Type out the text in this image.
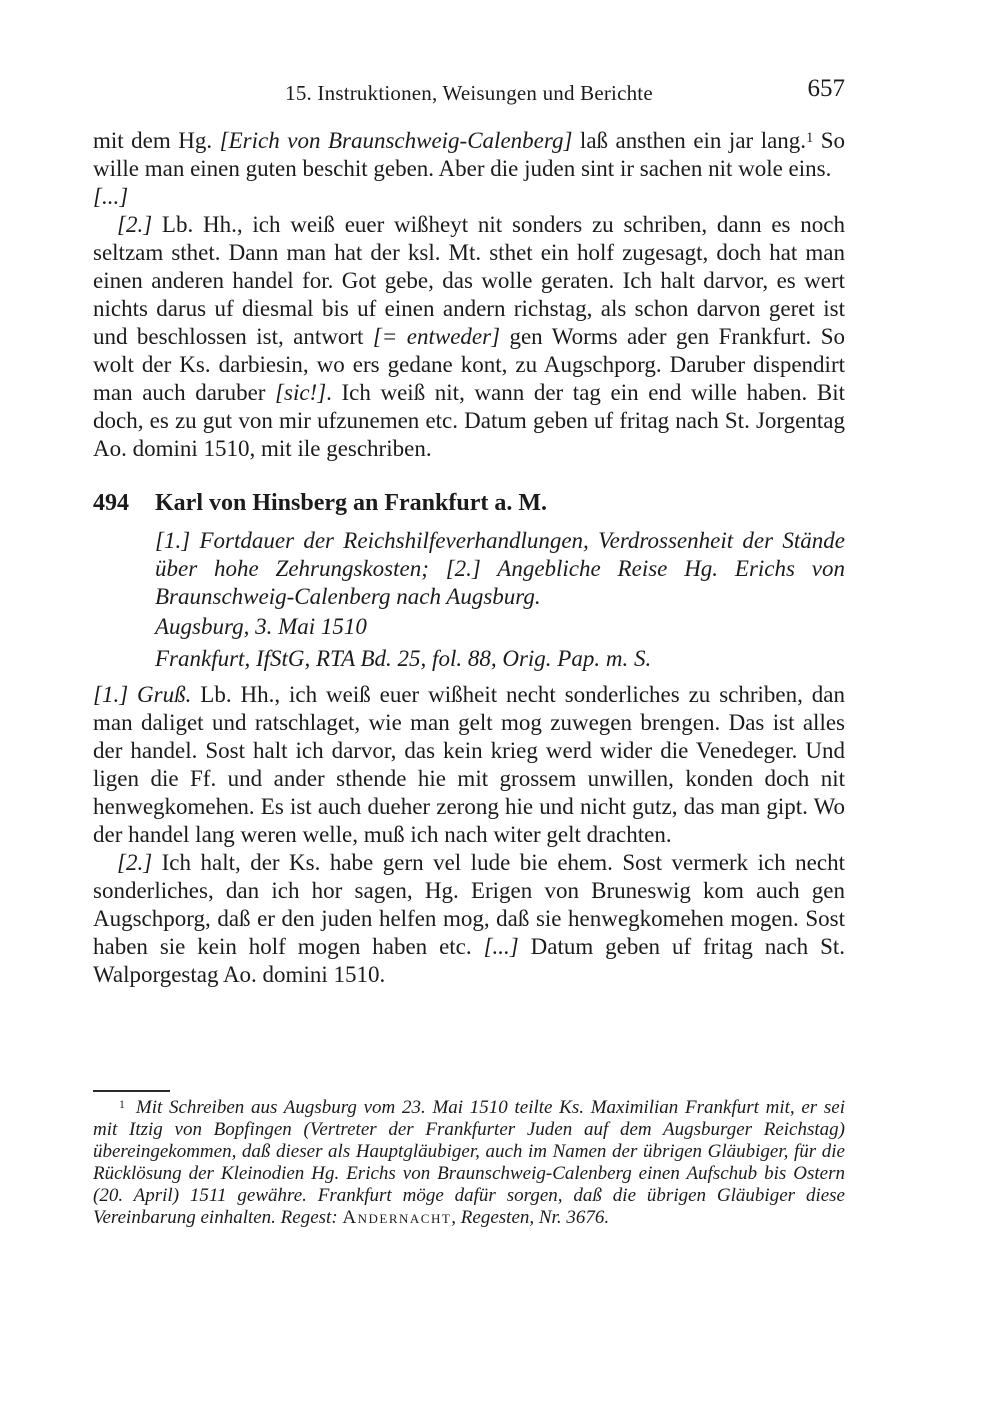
15. Instruktionen, Weisungen und Berichte	657

mit dem Hg. [Erich von Braunschweig-Calenberg] laß ansthen ein jar lang.$^1$ So wille man einen guten beschit geben. Aber die juden sint ir sachen nit wole eins.

[...]

[2.] Lb. Hh., ich weiß euer wißheyt nit sonders zu schriben, dann es noch seltzam sthet. Dann man hat der ksl. Mt. sthet ein holf zugesagt, doch hat man einen anderen handel for. Got gebe, das wolle geraten. Ich halt darvor, es wert nichts darus uf diesmal bis uf einen andern richstag, als schon darvon geret ist und beschlossen ist, antwort [= entweder] gen Worms ader gen Frankfurt. So wolt der Ks. darbiesin, wo ers gedane kont, zu Augschporg. Daruber dispendirt man auch daruber [sic!]. Ich weiß nit, wann der tag ein end wille haben. Bit doch, es zu gut von mir ufzunemen etc. Datum geben uf fritag nach St. Jorgentag Ao. domini 1510, mit ile geschriben.

494	Karl von Hinsberg an Frankfurt a. M.

[1.] Fortdauer der Reichshilfeverhandlungen, Verdrossenheit der Stände über hohe Zehrungskosten; [2.] Angebliche Reise Hg. Erichs von Braunschweig-Calenberg nach Augsburg.

Augsburg, 3. Mai 1510

Frankfurt, IfStG, RTA Bd. 25, fol. 88, Orig. Pap. m. S.

[1.] Gruß. Lb. Hh., ich weiß euer wißheit necht sonderliches zu schriben, dan man daliget und ratschlaget, wie man gelt mog zuwegen brengen. Das ist alles der handel. Sost halt ich darvor, das kein krieg werd wider die Venedeger. Und ligen die Ff. und ander sthende hie mit grossem unwillen, konden doch nit henwegkomehen. Es ist auch dueher zerong hie und nicht gutz, das man gipt. Wo der handel lang weren welle, muß ich nach witer gelt drachten.

[2.] Ich halt, der Ks. habe gern vel lude bie ehem. Sost vermerk ich necht sonderliches, dan ich hor sagen, Hg. Erigen von Bruneswig kom auch gen Augschporg, daß er den juden helfen mog, daß sie henwegkomehen mogen. Sost haben sie kein holf mogen haben etc. [...] Datum geben uf fritag nach St. Walporgestag Ao. domini 1510.

$^1$ Mit Schreiben aus Augsburg vom 23. Mai 1510 teilte Ks. Maximilian Frankfurt mit, er sei mit Itzig von Bopfingen (Vertreter der Frankfurter Juden auf dem Augsburger Reichstag) übereingekommen, daß dieser als Hauptgläubiger, auch im Namen der übrigen Gläubiger, für die Rücklösung der Kleinodien Hg. Erichs von Braunschweig-Calenberg einen Aufschub bis Ostern (20. April) 1511 gewähre. Frankfurt möge dafür sorgen, daß die übrigen Gläubiger diese Vereinbarung einhalten. Regest: Andernacht, Regesten, Nr. 3676.
